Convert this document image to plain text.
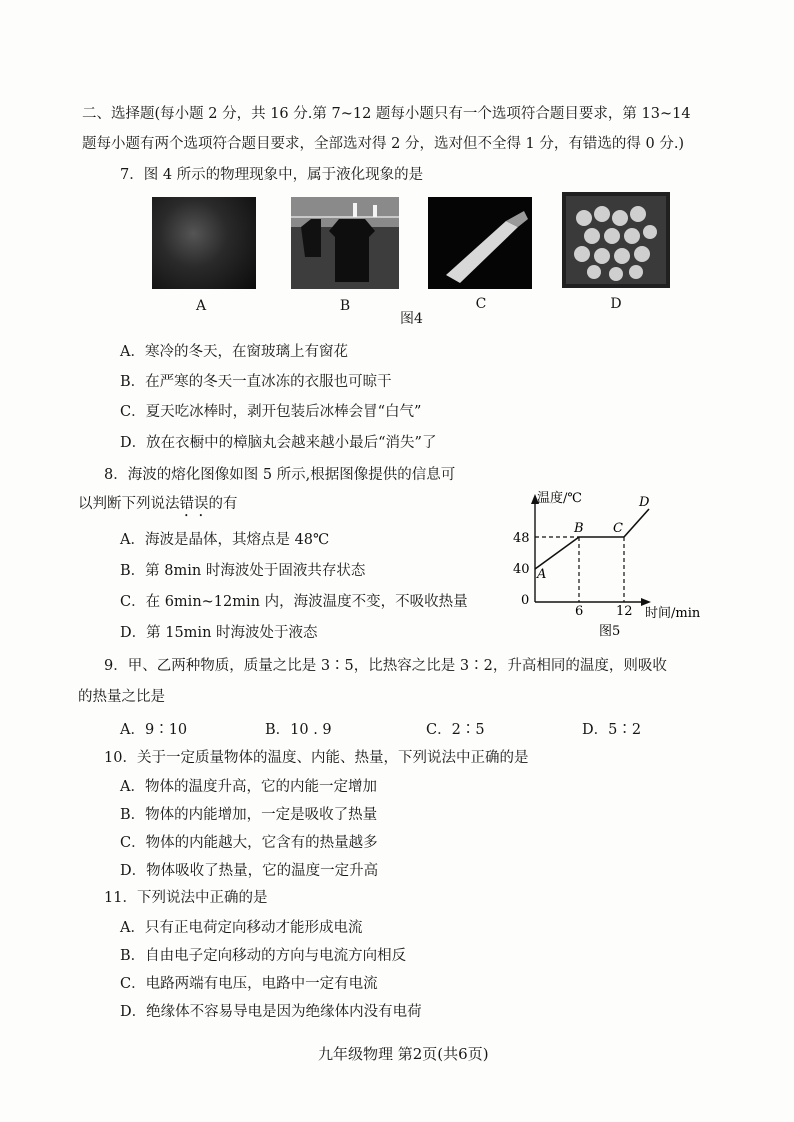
二、选择题(每小题 2 分，共 16 分.第 7~12 题每小题只有一个选项符合题目要求，第 13~14
题每小题有两个选项符合题目要求，全部选对得 2 分，选对但不全得 1 分，有错选的得 0 分.)
7．图 4 所示的物理现象中，属于液化现象的是
A	B	C	D
图4
A．寒冷的冬天，在窗玻璃上有窗花
B．在严寒的冬天一直冰冻的衣服也可晾干
C．夏天吃冰棒时，剥开包装后冰棒会冒“白气”
D．放在衣橱中的樟脑丸会越来越小最后“消失”了
8．海波的熔化图像如图 5 所示,根据图像提供的信息可
以判断下列说法错误的有
A．海波是晶体，其熔点是 48℃
B．第 8min 时海波处于固液共存状态
C．在 6min~12min 内，海波温度不变，不吸收热量
D．第 15min 时海波处于液态
温度/℃
时间/min
48
40
0
6	12
A
B C
D
图5
9．甲、乙两种物质，质量之比是 3∶5，比热容之比是 3∶2，升高相同的温度，则吸收
的热量之比是
A．9∶10	B．10 . 9	C．2∶5	D．5∶2
10．关于一定质量物体的温度、内能、热量，下列说法中正确的是
A．物体的温度升高，它的内能一定增加
B．物体的内能增加，一定是吸收了热量
C．物体的内能越大，它含有的热量越多
D．物体吸收了热量，它的温度一定升高
11．下列说法中正确的是
A．只有正电荷定向移动才能形成电流
B．自由电子定向移动的方向与电流方向相反
C．电路两端有电压，电路中一定有电流
D．绝缘体不容易导电是因为绝缘体内没有电荷
九年级物理 第2页(共6页)
